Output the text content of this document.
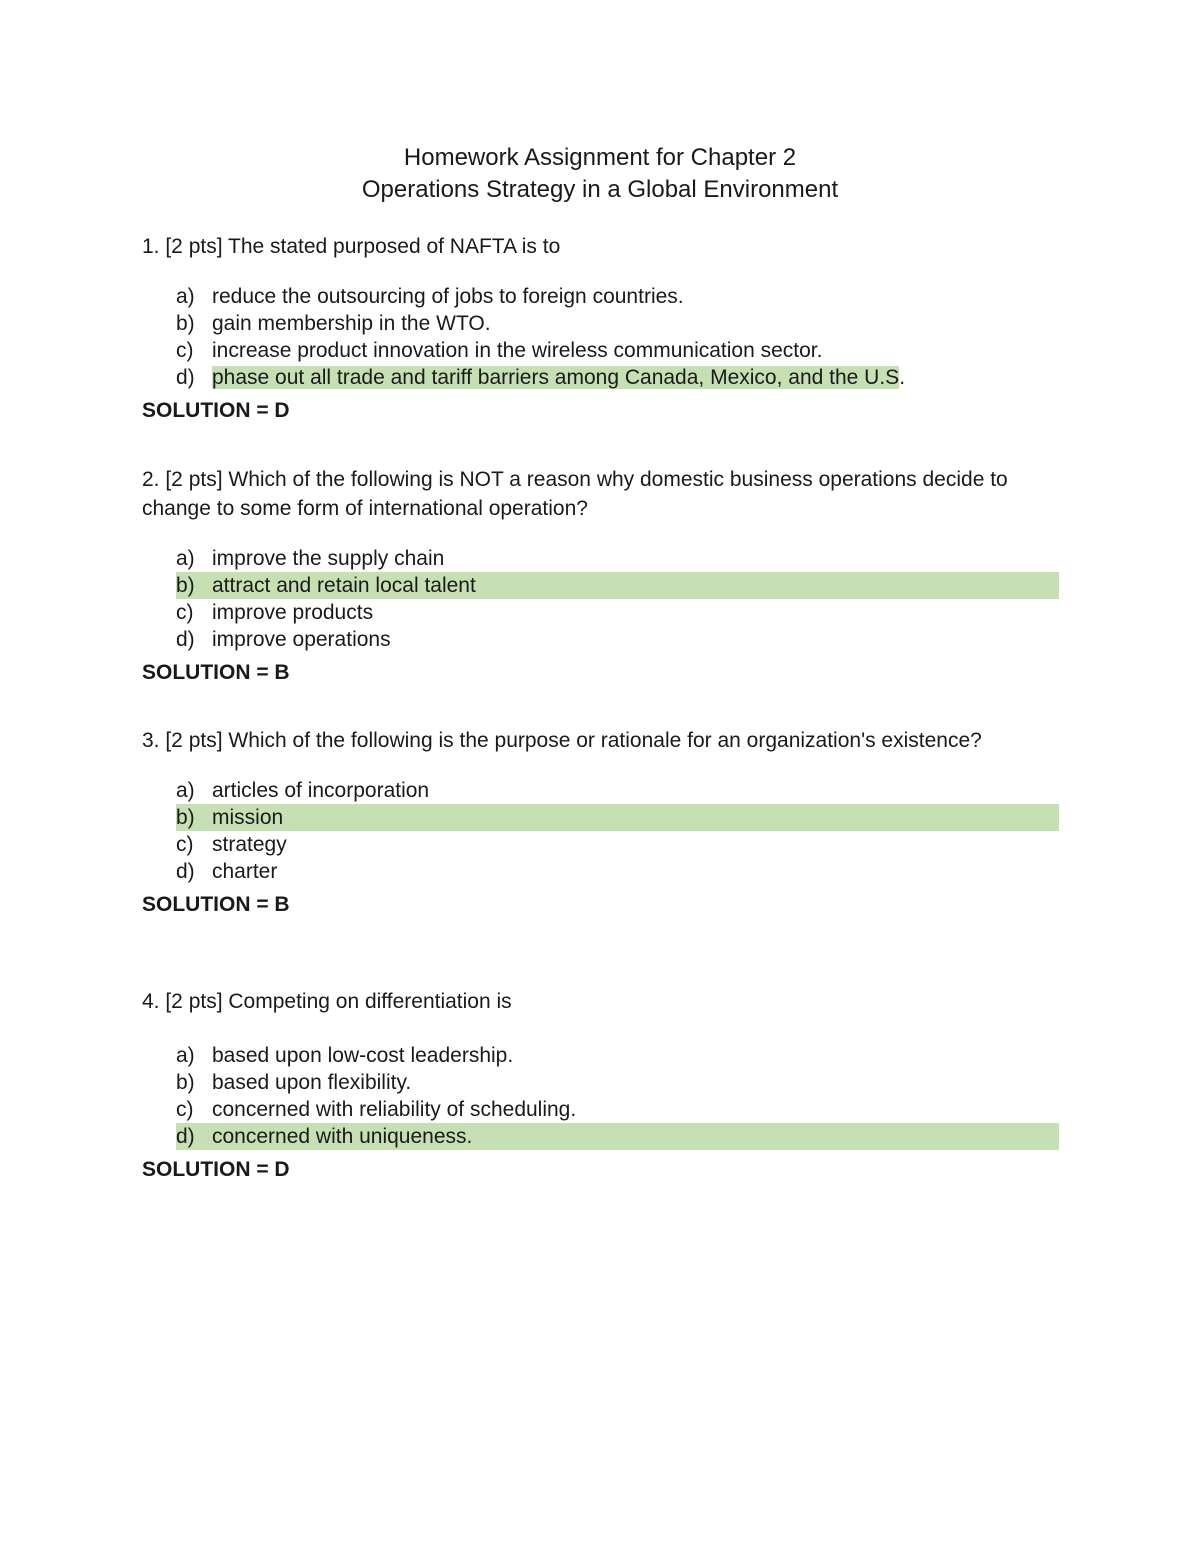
Homework Assignment for Chapter 2
Operations Strategy in a Global Environment

1. [2 pts] The stated purposed of NAFTA is to

a) reduce the outsourcing of jobs to foreign countries.
b) gain membership in the WTO.
c) increase product innovation in the wireless communication sector.
d) phase out all trade and tariff barriers among Canada, Mexico, and the U.S.
SOLUTION = D

2. [2 pts] Which of the following is NOT a reason why domestic business operations decide to change to some form of international operation?

a) improve the supply chain
b) attract and retain local talent
c) improve products
d) improve operations
SOLUTION = B

3. [2 pts] Which of the following is the purpose or rationale for an organization's existence?

a) articles of incorporation
b) mission
c) strategy
d) charter
SOLUTION = B

4. [2 pts] Competing on differentiation is

a) based upon low-cost leadership.
b) based upon flexibility.
c) concerned with reliability of scheduling.
d) concerned with uniqueness.
SOLUTION = D
